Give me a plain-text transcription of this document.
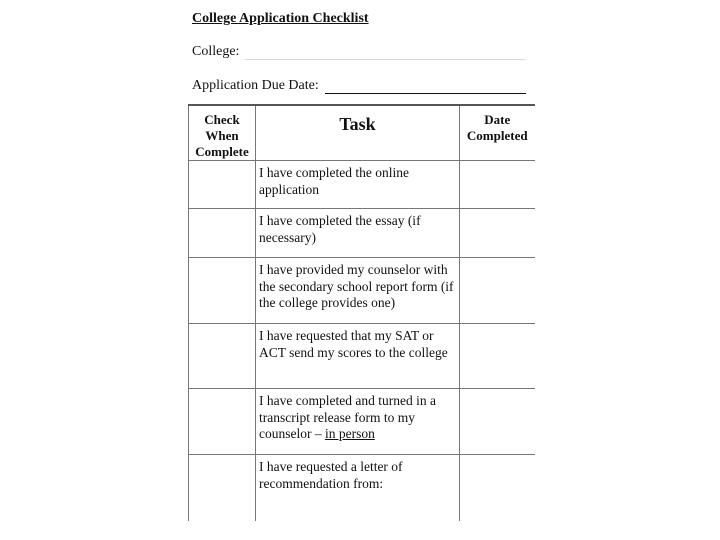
College Application Checklist
College:
Application Due Date:
Check When Complete	Task	Date Completed
	I have completed the online application	
	I have completed the essay (if necessary)	
	I have provided my counselor with the secondary school report form (if the college provides one)	
	I have requested that my SAT or ACT send my scores to the college	
	I have completed and turned in a transcript release form to my counselor – in person	
	I have requested a letter of recommendation from:	
